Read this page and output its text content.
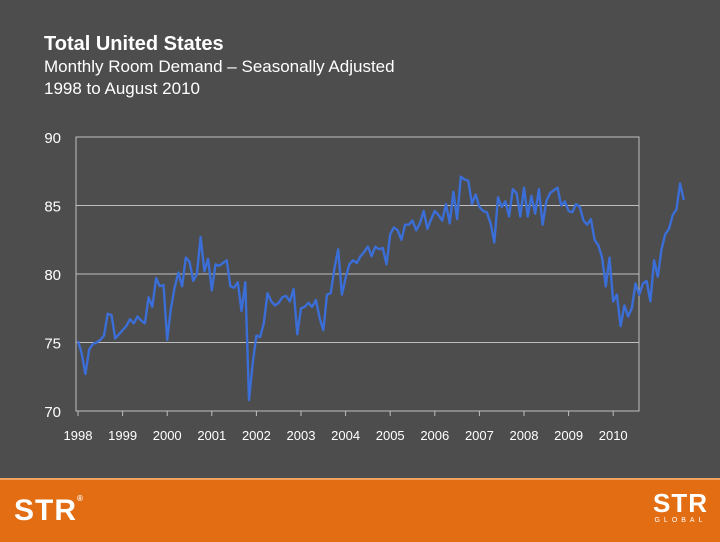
Total United States

Monthly Room Demand – Seasonally Adjusted

1998 to August 2010

70
75
80
85
90
1998 1999 2000 2001 2002 2003 2004 2005 2006 2007 2008 2009 2010
STR®	STR
GLOBAL
